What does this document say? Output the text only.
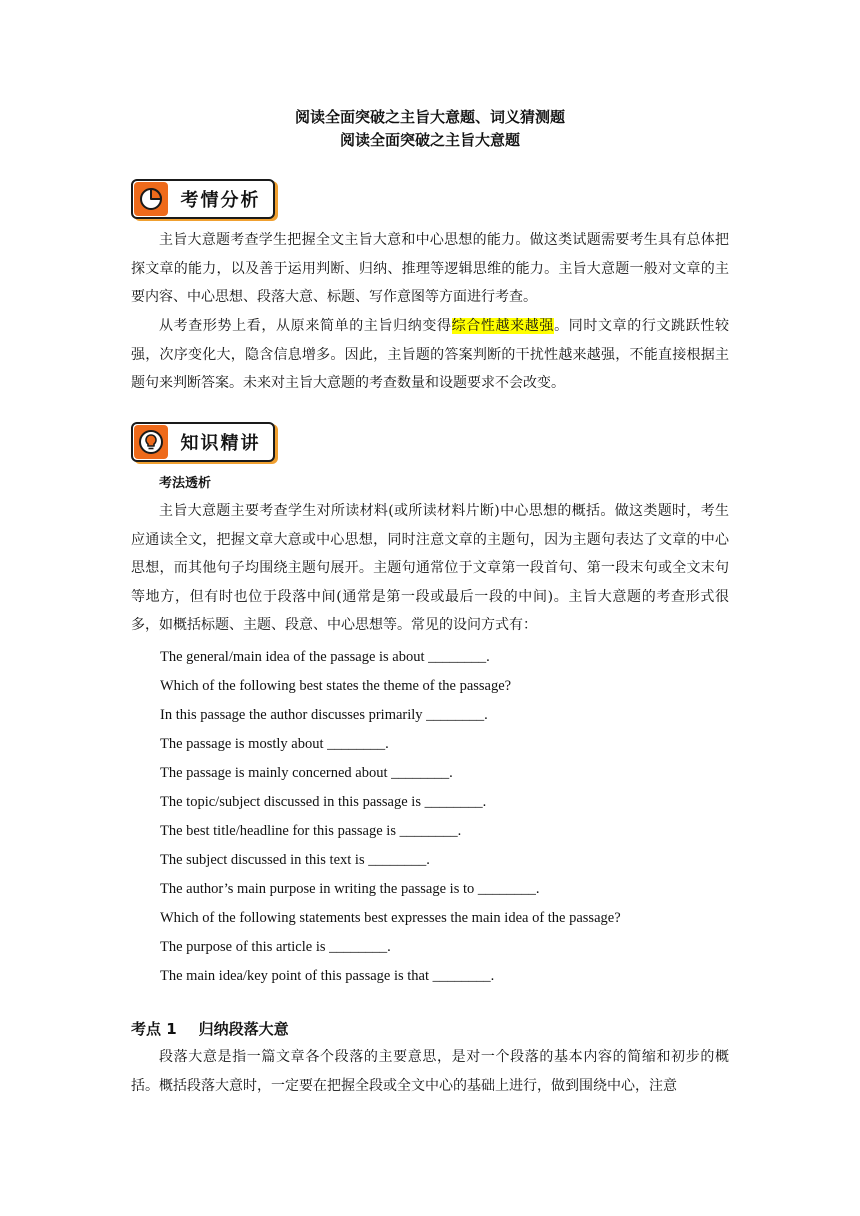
阅读全面突破之主旨大意题、词义猜测题
阅读全面突破之主旨大意题
考情分析

主旨大意题考查学生把握全文主旨大意和中心思想的能力。做这类试题需要考生具有总体把探文章的能力，以及善于运用判断、归纳、推理等逻辑思维的能力。主旨大意题一般对文章的主要内容、中心思想、段落大意、标题、写作意图等方面进行考查。

从考查形势上看，从原来简单的主旨归纳变得综合性越来越强。同时文章的行文跳跃性较强，次序变化大，隐含信息增多。因此，主旨题的答案判断的干扰性越来越强，不能直接根据主题句来判断答案。未来对主旨大意题的考查数量和设题要求不会改变。

知识精讲
考法透析

主旨大意题主要考查学生对所读材料(或所读材料片断)中心思想的概括。做这类题时，考生应通读全文，把握文章大意或中心思想，同时注意文章的主题句，因为主题句表达了文章的中心思想，而其他句子均围绕主题句展开。主题句通常位于文章第一段首句、第一段末句或全文末句等地方，但有时也位于段落中间(通常是第一段或最后一段的中间)。主旨大意题的考查形式很多，如概括标题、主题、段意、中心思想等。常见的设问方式有：

The general/main idea of the passage is about ________.
Which of the following best states the theme of the passage?
In this passage the author discusses primarily ________.
The passage is mostly about ________.
The passage is mainly concerned about ________.
The topic/subject discussed in this passage is ________.
The best title/headline for this passage is ________.
The subject discussed in this text is ________.
The author’s main purpose in writing the passage is to ________.
Which of the following statements best expresses the main idea of the passage?
The purpose of this article is ________.
The main idea/key point of this passage is that ________.
考点 1 归纳段落大意

段落大意是指一篇文章各个段落的主要意思，是对一个段落的基本内容的简缩和初步的概括。概括段落大意时，一定要在把握全段或全文中心的基础上进行，做到围绕中心，注意
